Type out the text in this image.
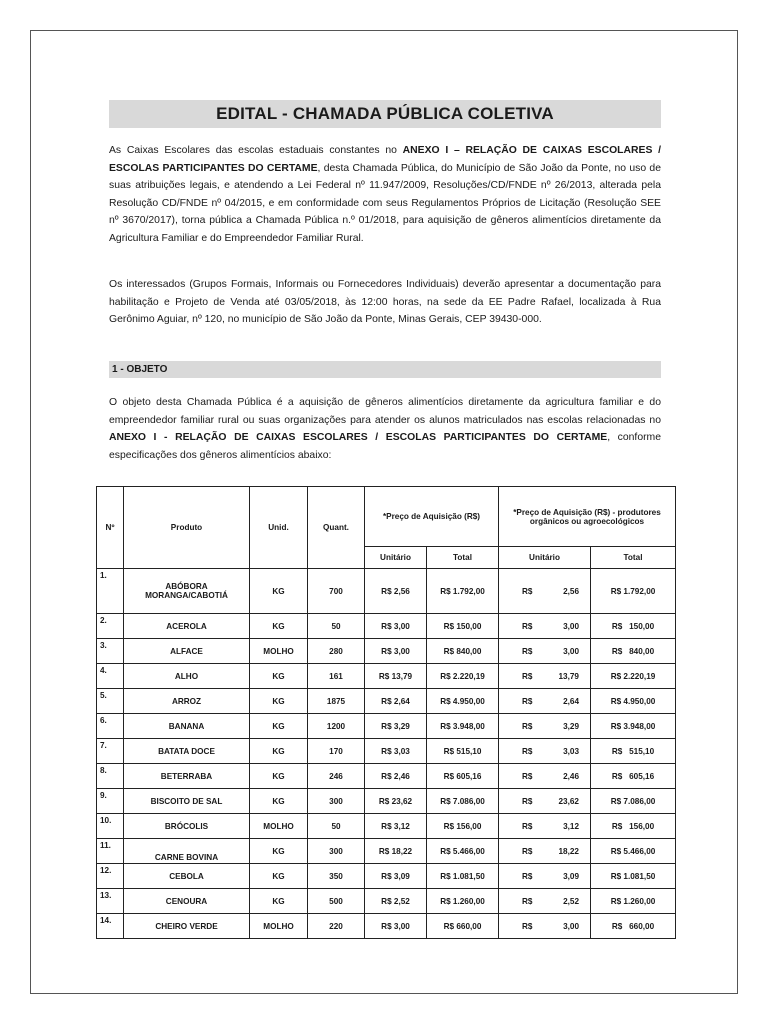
EDITAL - CHAMADA PÚBLICA COLETIVA

As Caixas Escolares das escolas estaduais constantes no ANEXO I – RELAÇÃO DE CAIXAS ESCOLARES / ESCOLAS PARTICIPANTES DO CERTAME, desta Chamada Pública, do Município de São João da Ponte, no uso de suas atribuições legais, e atendendo a Lei Federal nº 11.947/2009, Resoluções/CD/FNDE nº 26/2013, alterada pela Resolução CD/FNDE nº 04/2015, e em conformidade com seus Regulamentos Próprios de Licitação (Resolução SEE nº 3670/2017), torna pública a Chamada Pública n.º 01/2018, para aquisição de gêneros alimentícios diretamente da Agricultura Familiar e do Empreendedor Familiar Rural.

Os interessados (Grupos Formais, Informais ou Fornecedores Individuais) deverão apresentar a documentação para habilitação e Projeto de Venda até 03/05/2018, às 12:00 horas, na sede da EE Padre Rafael, localizada à Rua Gerônimo Aguiar, nº 120, no município de São João da Ponte, Minas Gerais, CEP 39430-000.

1 - OBJETO

O objeto desta Chamada Pública é a aquisição de gêneros alimentícios diretamente da agricultura familiar e do empreendedor familiar rural ou suas organizações para atender os alunos matriculados nas escolas relacionadas no ANEXO I - RELAÇÃO DE CAIXAS ESCOLARES / ESCOLAS PARTICIPANTES DO CERTAME, conforme especificações dos gêneros alimentícios abaixo:

Nº	Produto	Unid.	Quant.	*Preço de Aquisição (R$)		*Preço de Aquisição (R$) - produtores orgânicos ou agroecológicos	
				Unitário	Total	Unitário	Total
1.	ABÓBORA MORANGA/CABOTIÁ	KG	700	R$ 2,56	R$ 1.792,00	R$ 2,56	R$ 1.792,00
2.	ACEROLA	KG	50	R$ 3,00	R$ 150,00	R$ 3,00	R$   150,00
3.	ALFACE	MOLHO	280	R$ 3,00	R$ 840,00	R$ 3,00	R$   840,00
4.	ALHO	KG	161	R$ 13,79	R$ 2.220,19	R$ 13,79	R$ 2.220,19
5.	ARROZ	KG	1875	R$ 2,64	R$ 4.950,00	R$ 2,64	R$ 4.950,00
6.	BANANA	KG	1200	R$ 3,29	R$ 3.948,00	R$ 3,29	R$ 3.948,00
7.	BATATA DOCE	KG	170	R$ 3,03	R$ 515,10	R$ 3,03	R$   515,10
8.	BETERRABA	KG	246	R$ 2,46	R$ 605,16	R$ 2,46	R$   605,16
9.	BISCOITO DE SAL	KG	300	R$ 23,62	R$ 7.086,00	R$ 23,62	R$ 7.086,00
10.	BRÓCOLIS	MOLHO	50	R$ 3,12	R$ 156,00	R$ 3,12	R$   156,00
11.	CARNE BOVINA	KG	300	R$ 18,22	R$ 5.466,00	R$ 18,22	R$ 5.466,00
12.	CEBOLA	KG	350	R$ 3,09	R$ 1.081,50	R$ 3,09	R$ 1.081,50
13.	CENOURA	KG	500	R$ 2,52	R$ 1.260,00	R$ 2,52	R$ 1.260,00
14.	CHEIRO VERDE	MOLHO	220	R$ 3,00	R$ 660,00	R$ 3,00	R$   660,00
